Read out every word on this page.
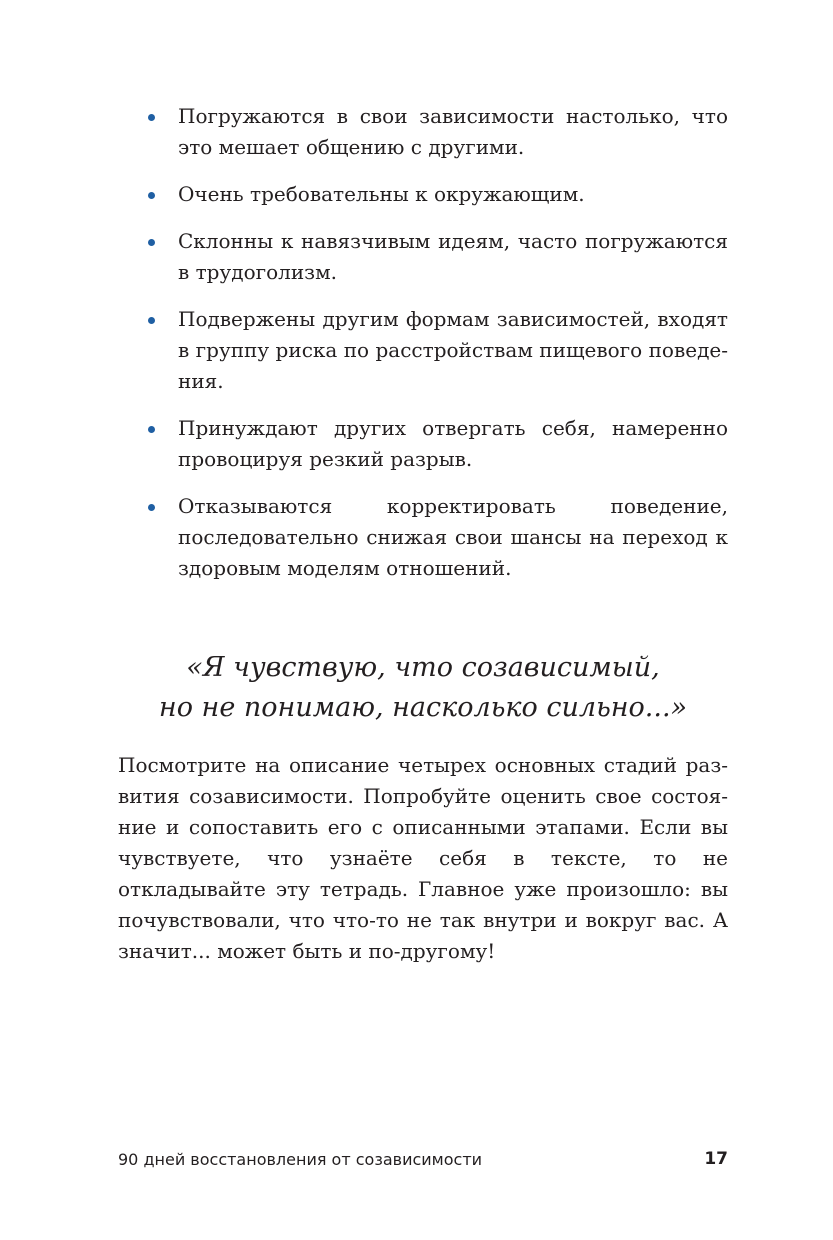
Погружаются в свои зависимости настолько, что это мешает общению с другими.
Очень требовательны к окружающим.
Склонны к навязчивым идеям, часто погружаются в трудоголизм.
Подвержены другим формам зависимостей, входят в группу риска по расстройствам пищевого поведения.
Принуждают других отвергать себя, намеренно провоцируя резкий разрыв.
Отказываются корректировать поведение, последовательно снижая свои шансы на переход к здоровым моделям отношений.
«Я чувствую, что созависимый,
но не понимаю, насколько сильно...»

Посмотрите на описание четырех основных стадий развития созависимости. Попробуйте оценить свое состояние и сопоставить его с описанными этапами. Если вы чувствуете, что узнаёте себя в тексте, то не откладывайте эту тетрадь. Главное уже произошло: вы почувствовали, что что-то не так внутри и вокруг вас. А значит... может быть и по-другому!

90 дней восстановления от созависимости	17
